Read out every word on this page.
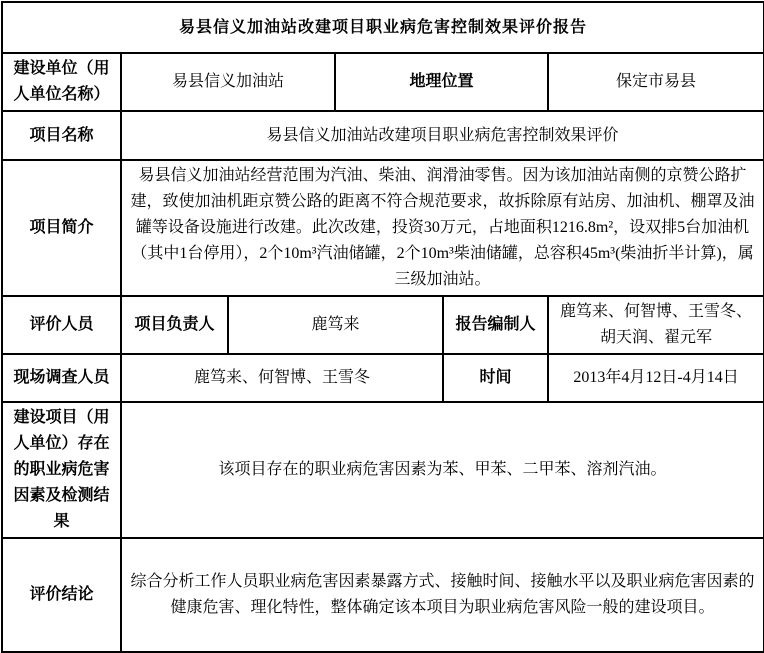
易县信义加油站改建项目职业病危害控制效果评价报告					
建设单位（用人单位名称）	易县信义加油站		地理位置		保定市易县
项目名称	易县信义加油站改建项目职业病危害控制效果评价				
项目简介	易县信义加油站经营范围为汽油、柴油、润滑油零售。因为该加油站南侧的京赞公路扩建，致使加油机距京赞公路的距离不符合规范要求，故拆除原有站房、加油机、棚罩及油罐等设备设施进行改建。此次改建，投资30万元，占地面积1216.8m²，设双排5台加油机（其中1台停用），2个10m³汽油储罐，2个10m³柴油储罐，总容积45m³(柴油折半计算)，属三级加油站。				
评价人员	项目负责人	鹿笃来		报告编制人	鹿笃来、何智博、王雪冬、胡天润、翟元军
现场调查人员	鹿笃来、何智博、王雪冬			时间	2013年4月12日-4月14日
建设项目（用人单位）存在的职业病危害因素及检测结果	该项目存在的职业病危害因素为苯、甲苯、二甲苯、溶剂汽油。				
评价结论	综合分析工作人员职业病危害因素暴露方式、接触时间、接触水平以及职业病危害因素的健康危害、理化特性，整体确定该本项目为职业病危害风险一般的建设项目。				
